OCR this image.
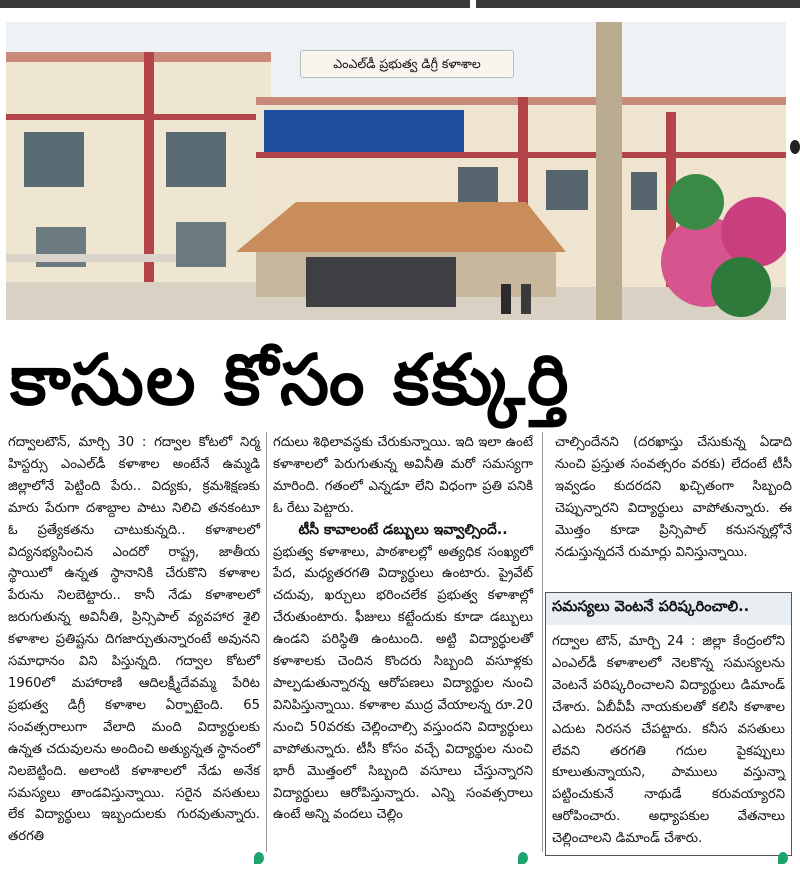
ఎంఎల్‌డీ ప్రభుత్వ డిగ్రీ కళాశాల
కాసుల కోసం కక్కుర్తి

గద్వాలటౌన్, మార్చి 30 : గద్వాల కోటలో నిర్మ హిస్టర్సు ఎంఎల్‌డీ కళాశాల అంటేనే ఉమ్మడి జిల్లాలోనే పెట్టింది పేరు.. విద్యకు, క్రమశిక్షణకు మారు పేరుగా దశాబ్దాల పాటు నిలిచి తనకంటూ ఓ ప్రత్యేకతను చాటుకున్నది.. కళాశాలలో విద్యనభ్యసించిన ఎందరో రాష్ట్ర, జాతీయ స్థాయిలో ఉన్నత స్థానానికి చేరుకొని కళాశాల పేరును నిలబెట్టారు.. కానీ నేడు కళాశాలలో జరుగుతున్న అవినీతి, ప్రిన్సిపాల్ వ్యవహార శైలి కళాశాల ప్రతిష్టను దిగజార్చుతున్నారంటే అవునని సమాధానం విని పిస్తున్నది. గద్వాల కోటలో 1960లో మహారాణి ఆదిలక్ష్మీదేవమ్మ పేరిట ప్రభుత్వ డిగ్రీ కళాశాల ఏర్పాటైంది. 65 సంవత్సరాలుగా వేలాది మంది విద్యార్థులకు ఉన్నత చదువులను అందించి అత్యున్నత స్థానంలో నిలబెట్టింది. అలాంటి కళాశాలలో నేడు అనేక సమస్యలు తాండవిస్తున్నాయి. సరైన వసతులు లేక విద్యార్థులు ఇబ్బందులకు గురవుతున్నారు. తరగతి

గదులు శిథిలావస్థకు చేరుకున్నాయి. ఇది ఇలా ఉంటే కళాశాలలో పెరుగుతున్న అవినీతి మరో సమస్యగా మారింది. గతంలో ఎన్నడూ లేని విధంగా ప్రతి పనికి ఓ రేటు పెట్టారు.

టీసీ కావాలంటే డబ్బులు ఇవ్వాల్సిందే..

ప్రభుత్వ కళాశాలు, పాఠశాలల్లో అత్యధిక సంఖ్యలో పేద, మధ్యతరగతి విద్యార్థులు ఉంటారు. ప్రైవేట్ చదువు, ఖర్చులు భరించలేక ప్రభుత్వ కళాశాల్లో చేరుతుంటారు. ఫీజులు కట్టేందుకు కూడా డబ్బులు ఉండని పరిస్థితి ఉంటుంది. అట్టి విద్యార్థులతో కళాశాలకు చెందిన కొందరు సిబ్బంది వసూళ్లకు పాల్పడుతున్నారన్న ఆరోపణలు విద్యార్థుల నుంచి వినిపిస్తున్నాయి. కళాశాల ముద్ర వేయాలన్న రూ.20 నుంచి 50వరకు చెల్లించాల్సి వస్తుందని విద్యార్థులు వాపోతున్నారు. టీసీ కోసం వచ్చే విద్యార్థుల నుంచి భారీ మొత్తంలో సిబ్బంది వసూలు చేస్తున్నారని విద్యార్థులు ఆరోపిస్తున్నారు. ఎన్ని సంవత్సరాలు ఉంటే అన్ని వందలు చెల్లిం

చాల్సిందేనని (దరఖాస్తు చేసుకున్న ఏడాది నుంచి ప్రస్తుత సంవత్సరం వరకు) లేదంటే టీసీ ఇవ్వడం కుదరదని ఖచ్చితంగా సిబ్బంది చెప్పున్నారని విద్యార్థులు వాపోతున్నారు. ఈ మొత్తం కూడా ప్రిన్సిపాల్ కనుసన్నల్లోనే నడుస్తున్నదనే రుమార్లు వినిస్తున్నాయి.

సమస్యలు వెంటనే పరిష్కరించాలి..
గద్వాల టౌన్, మార్చి 24 : జిల్లా కేంద్రంలోని ఎంఎల్‌డీ కళాశాలలో నెలకొన్న సమస్యలను వెంటనే పరిష్కరించాలని విద్యార్థులు డిమాండ్ చేశారు. ఏబీవీపీ నాయకులతో కలిసి కళాశాల ఎదుట నిరసన చేపట్టారు. కనీస వసతులు లేవని తరగతి గదుల పైకప్పులు కూలుతున్నాయని, పాములు వస్తున్నా పట్టించుకునే నాథుడే కరువయ్యారని ఆరోపించారు. అధ్యాపకుల వేతనాలు చెల్లించాలని డిమాండ్ చేశారు.
